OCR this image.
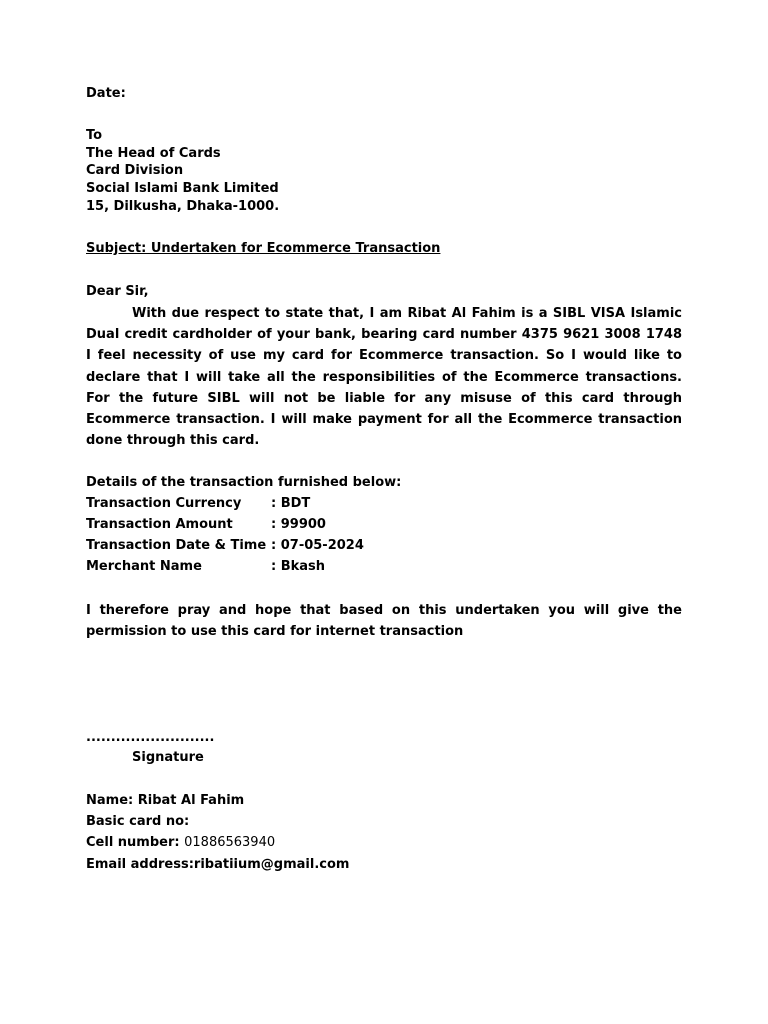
Date:
To
The Head of Cards
Card Division
Social Islami Bank Limited
15, Dilkusha, Dhaka-1000.
Subject: Undertaken for Ecommerce Transaction
Dear Sir,
With due respect to state that, I am Ribat Al Fahim is a SIBL VISA Islamic Dual credit cardholder of your bank, bearing card number 4375 9621 3008 1748 I feel necessity of use my card for Ecommerce transaction. So I would like to declare that I will take all the responsibilities of the Ecommerce transactions. For the future SIBL will not be liable for any misuse of this card through Ecommerce transaction. I will make payment for all the Ecommerce transaction done through this card.
Details of the transaction furnished below:
Transaction Currency : BDT
Transaction Amount	: 99900
Transaction Date & Time : 07-05-2024
Merchant Name	: Bkash
I therefore pray and hope that based on this undertaken you will give the permission to use this card for internet transaction
..........................
Signature
Name: Ribat Al Fahim
Basic card no:
Cell number: 01886563940
Email address:ribatiium@gmail.com
